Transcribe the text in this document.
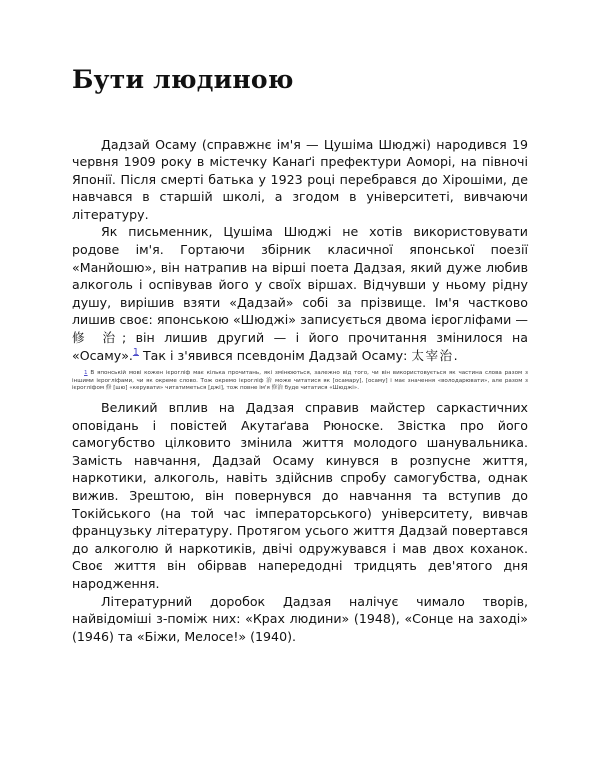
Бути людиною

Дадзай Осаму (справжнє ім'я — Цушіма Шюджі) народився 19 червня 1909 року в містечку Канаґі префектури Аоморі, на півночі Японії. Після смерті батька у 1923 році перебрався до Хірошіми, де навчався в старшій школі, а згодом в університеті, вивчаючи літературу.

Як письменник, Цушіма Шюджі не хотів використовувати родове ім'я. Гортаючи збірник класичної японської поезії «Манйошю», він натрапив на вірші поета Дадзая, який дуже любив алкоголь і оспівував його у своїх віршах. Відчувши у ньому рідну душу, вирішив взяти «Дадзай» собі за прізвище. Ім'я частково лишив своє: японською «Шюджі» записується двома ієрогліфами — 修 治; він лишив другий — і його прочитання змінилося на «Осаму».$^1$ Так і з'явився псевдонім Дадзай Осаму: 太宰治.

1 В японській мові кожен ієрогліф має кілька прочитань, які змінюються, залежно від того, чи він використовується як частина слова разом з іншими ієрогліфами, чи як окреме слово. Тож окремо ієрогліф 治 може читатися як [осамару], [осаму] і має значення «володарювати», але разом з ієрогліфом 修 [шю] «керувати» читатиметься [джі], тож повне ім'я 修治 буде читатися «Шюджі».

Великий вплив на Дадзая справив майстер саркастичних оповідань і повістей Акутаґава Рюноске. Звістка про його самогубство цілковито змінила життя молодого шанувальника. Замість навчання, Дадзай Осаму кинувся в розпусне життя, наркотики, алкоголь, навіть здійснив спробу самогубства, однак вижив. Зрештою, він повернувся до навчання та вступив до Токійського (на той час імператорського) університету, вивчав французьку літературу. Протягом усього життя Дадзай повертався до алкоголю й наркотиків, двічі одружувався і мав двох коханок. Своє життя він обірвав напередодні тридцять дев'ятого дня народження.

Літературний доробок Дадзая налічує чимало творів, найвідоміші з-поміж них: «Крах людини» (1948), «Сонце на заході» (1946) та «Біжи, Мелосе!» (1940).
